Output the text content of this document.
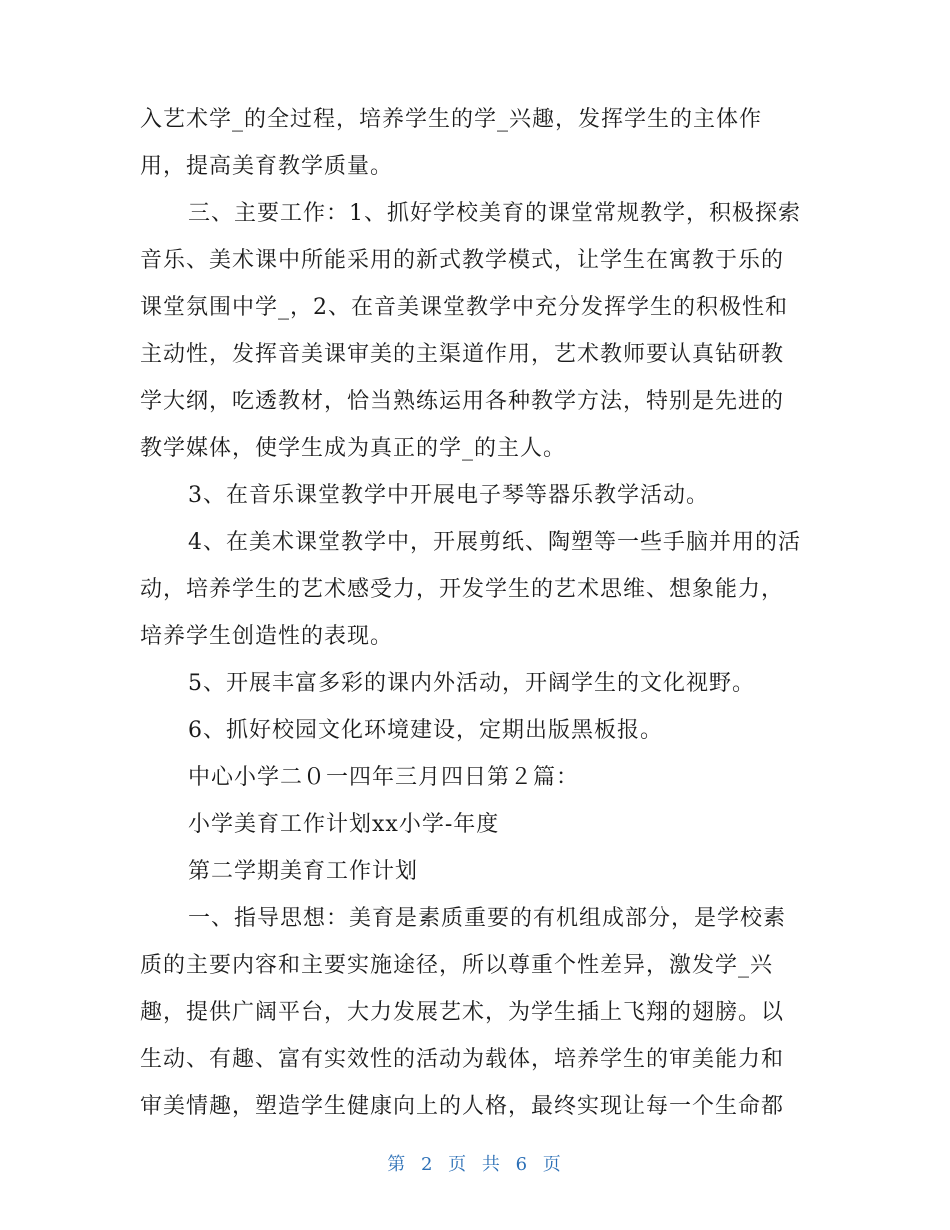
入艺术学_的全过程，培养学生的学_兴趣，发挥学生的主体作
用，提高美育教学质量。
三、主要工作：1、抓好学校美育的课堂常规教学，积极探索
音乐、美术课中所能采用的新式教学模式，让学生在寓教于乐的
课堂氛围中学_，2、在音美课堂教学中充分发挥学生的积极性和
主动性，发挥音美课审美的主渠道作用，艺术教师要认真钻研教
学大纲，吃透教材，恰当熟练运用各种教学方法，特别是先进的
教学媒体，使学生成为真正的学_的主人。
3、在音乐课堂教学中开展电子琴等器乐教学活动。
4、在美术课堂教学中，开展剪纸、陶塑等一些手脑并用的活
动，培养学生的艺术感受力，开发学生的艺术思维、想象能力，
培养学生创造性的表现。
5、开展丰富多彩的课内外活动，开阔学生的文化视野。
6、抓好校园文化环境建设，定期出版黑板报。
中心小学二０一四年三月四日第２篇：
小学美育工作计划xx小学-年度
第二学期美育工作计划
一、指导思想：美育是素质重要的有机组成部分，是学校素
质的主要内容和主要实施途径，所以尊重个性差异，激发学_兴
趣，提供广阔平台，大力发展艺术，为学生插上飞翔的翅膀。以
生动、有趣、富有实效性的活动为载体，培养学生的审美能力和
审美情趣，塑造学生健康向上的人格，最终实现让每一个生命都
第 2 页 共 6 页
